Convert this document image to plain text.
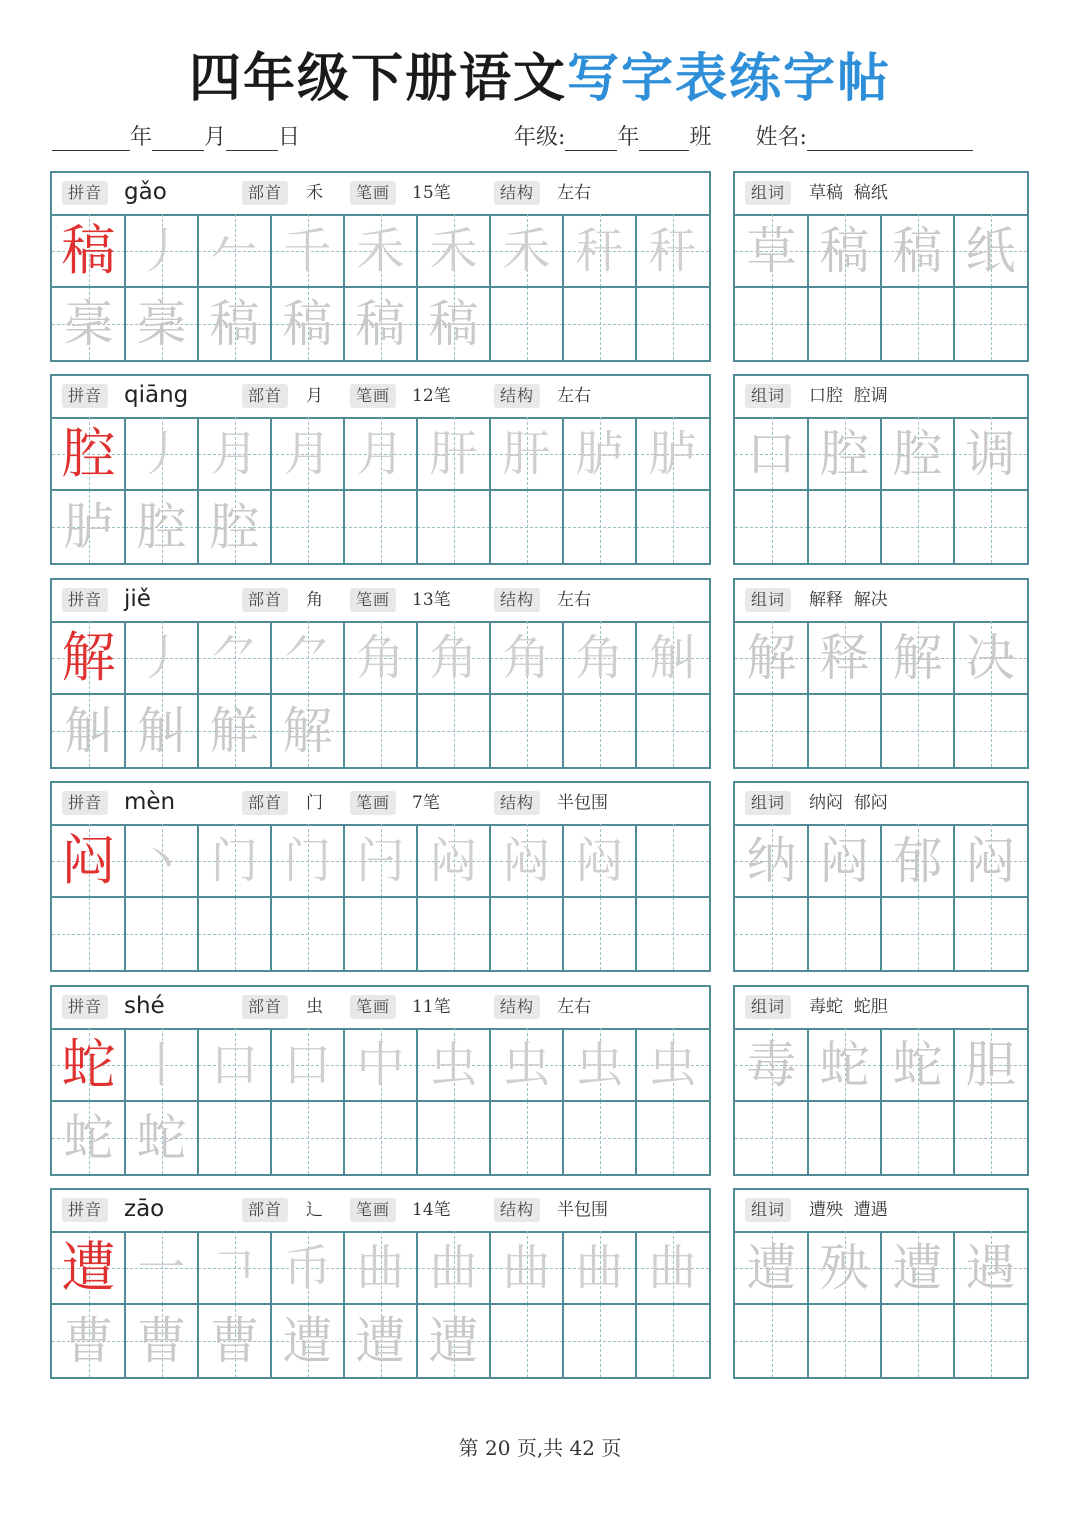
四年级下册语文写字表练字帖
年 月 日	年级: 年 班 姓名:
拼音 gǎo	部首	禾	笔画	15笔	结构	左右
稿 丿 𠂉 千 禾 禾 禾 秆 秆
稁 稁 稿 稿 稿 稿
组词	草稿  稿纸
草 稿 稿 纸
拼音 qiāng	部首	月	笔画	12笔	结构	左右
腔 丿 月 月 月 肝 肝 胪 胪
胪 腔 腔
组词	口腔  腔调
口 腔 腔 调
拼音 jiě	部首	角	笔画	13笔	结构	左右
解 丿 ⺈ ⺈ 角 角 角 角 觓
觓 觓 觧 解
组词	解释  解决
解 释 解 决
拼音 mèn	部首	门	笔画	7笔	结构	半包围
闷 丶 门 门 闩 闷 闷 闷
组词	纳闷  郁闷
纳 闷 郁 闷
拼音 shé	部首	虫	笔画	11笔	结构	左右
蛇 丨 口 口 中 虫 虫 虫 虫
蛇 蛇
组词	毒蛇  蛇胆
毒 蛇 蛇 胆
拼音 zāo	部首	辶	笔画	14笔	结构	半包围
遭 一 𠃍 币 曲 曲 曲 曲 曲
曹 曹 曹 遭 遭 遭
组词	遭殃  遭遇
遭 殃 遭 遇
第 20 页,共 42 页
